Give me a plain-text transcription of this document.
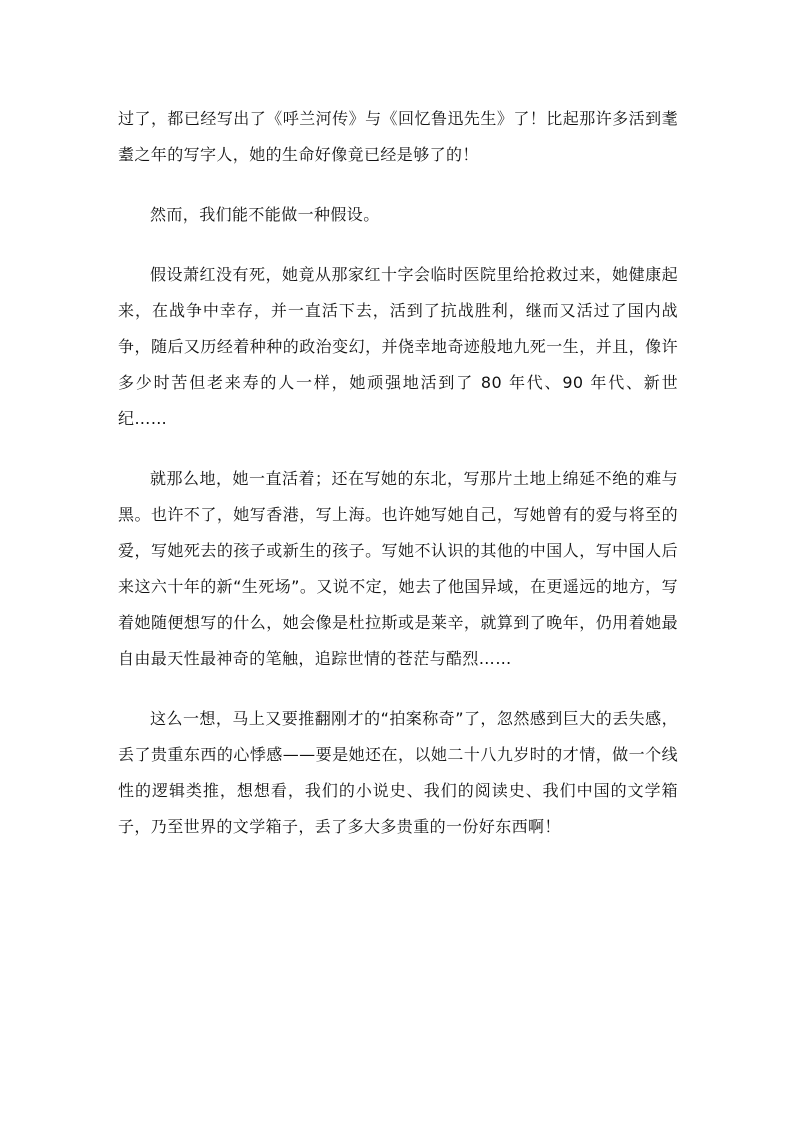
过了，都已经写出了《呼兰河传》与《回忆鲁迅先生》了！比起那许多活到耄耋之年的写字人，她的生命好像竟已经是够了的！

然而，我们能不能做一种假设。

假设萧红没有死，她竟从那家红十字会临时医院里给抢救过来，她健康起来，在战争中幸存，并一直活下去，活到了抗战胜利，继而又活过了国内战争，随后又历经着种种的政治变幻，并侥幸地奇迹般地九死一生，并且，像许多少时苦但老来寿的人一样，她顽强地活到了 80 年代、90 年代、新世纪……

就那么地，她一直活着；还在写她的东北，写那片土地上绵延不绝的难与黑。也许不了，她写香港，写上海。也许她写她自己，写她曾有的爱与将至的爱，写她死去的孩子或新生的孩子。写她不认识的其他的中国人，写中国人后来这六十年的新“生死场”。又说不定，她去了他国异域，在更遥远的地方，写着她随便想写的什么，她会像是杜拉斯或是莱辛，就算到了晚年，仍用着她最自由最天性最神奇的笔触，追踪世情的苍茫与酷烈……

这么一想，马上又要推翻刚才的“拍案称奇”了，忽然感到巨大的丢失感，丢了贵重东西的心悸感——要是她还在，以她二十八九岁时的才情，做一个线性的逻辑类推，想想看，我们的小说史、我们的阅读史、我们中国的文学箱子，乃至世界的文学箱子，丢了多大多贵重的一份好东西啊！
